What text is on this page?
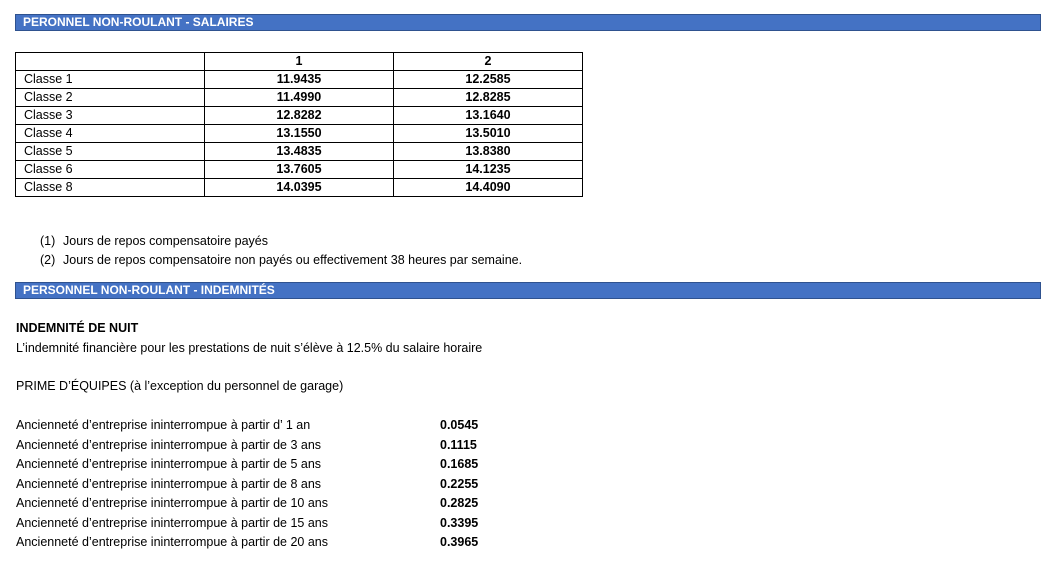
PERONNEL NON-ROULANT - SALAIRES
	1	2
Classe 1	11.9435	12.2585
Classe 2	11.4990	12.8285
Classe 3	12.8282	13.1640
Classe 4	13.1550	13.5010
Classe 5	13.4835	13.8380
Classe 6	13.7605	14.1235
Classe 8	14.0395	14.4090
(1) Jours de repos compensatoire payés
(2) Jours de repos compensatoire non payés ou effectivement 38 heures par semaine.
PERSONNEL NON-ROULANT - INDEMNITÉS
INDEMNITÉ DE NUIT
L’indemnité financière pour les prestations de nuit s’élève à 12.5% du salaire horaire
PRIME D’ÉQUIPES (à l’exception du personnel de garage)
Ancienneté d’entreprise ininterrompue à partir d’ 1 an	0.0545
Ancienneté d’entreprise ininterrompue à partir de 3 ans	0.1115
Ancienneté d’entreprise ininterrompue à partir de 5 ans	0.1685
Ancienneté d’entreprise ininterrompue à partir de 8 ans	0.2255
Ancienneté d’entreprise ininterrompue à partir de 10 ans	0.2825
Ancienneté d’entreprise ininterrompue à partir de 15 ans	0.3395
Ancienneté d’entreprise ininterrompue à partir de 20 ans	0.3965
